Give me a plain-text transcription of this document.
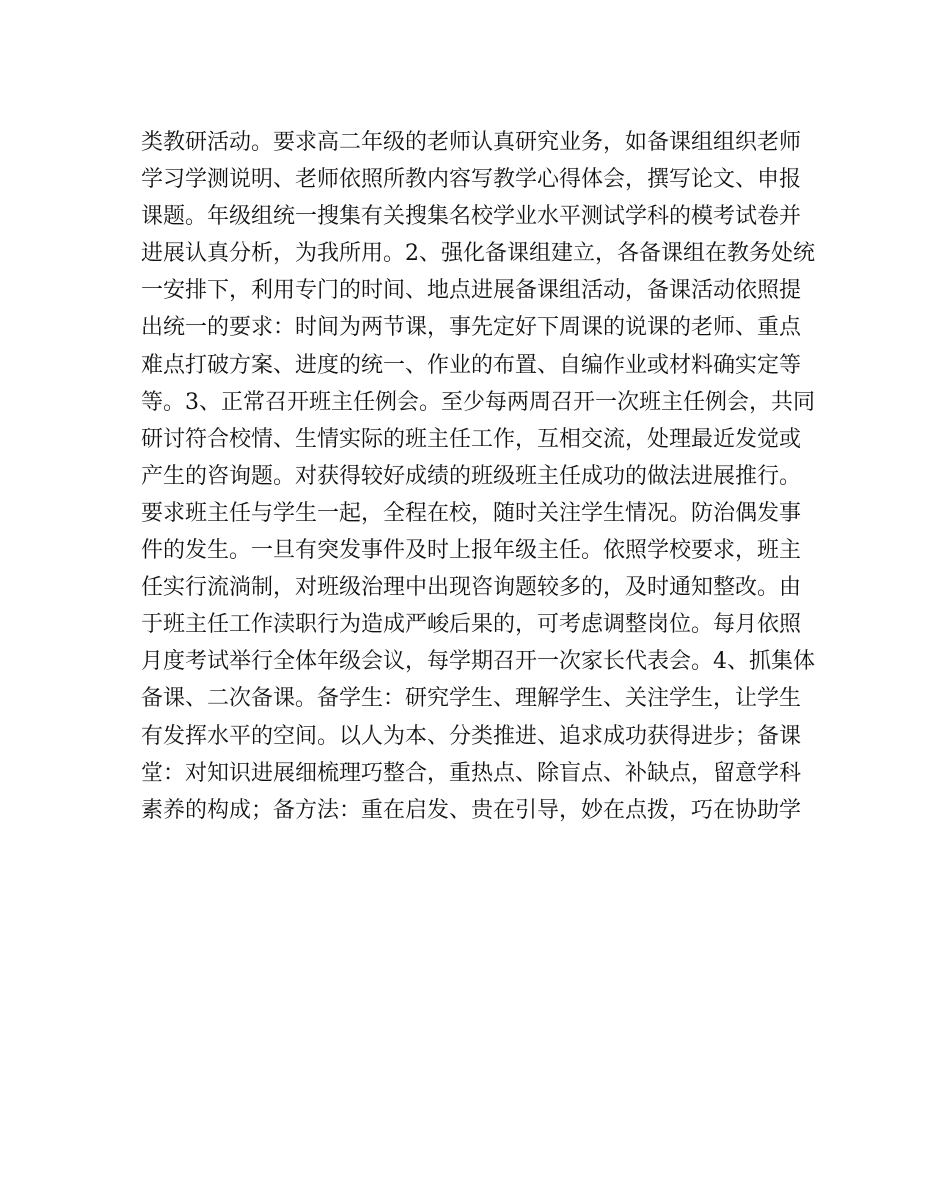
类教研活动。要求高二年级的老师认真研究业务，如备课组组织老师
学习学测说明、老师依照所教内容写教学心得体会，撰写论文、申报
课题。年级组统一搜集有关搜集名校学业水平测试学科的模考试卷并
进展认真分析，为我所用。2、强化备课组建立，各备课组在教务处统
一安排下，利用专门的时间、地点进展备课组活动，备课活动依照提
出统一的要求：时间为两节课，事先定好下周课的说课的老师、重点
难点打破方案、进度的统一、作业的布置、自编作业或材料确实定等
等。3、正常召开班主任例会。至少每两周召开一次班主任例会，共同
研讨符合校情、生情实际的班主任工作，互相交流，处理最近发觉或
产生的咨询题。对获得较好成绩的班级班主任成功的做法进展推行。
要求班主任与学生一起，全程在校，随时关注学生情况。防治偶发事
件的发生。一旦有突发事件及时上报年级主任。依照学校要求，班主
任实行流淌制，对班级治理中出现咨询题较多的，及时通知整改。由
于班主任工作渎职行为造成严峻后果的，可考虑调整岗位。每月依照
月度考试举行全体年级会议，每学期召开一次家长代表会。4、抓集体
备课、二次备课。备学生：研究学生、理解学生、关注学生，让学生
有发挥水平的空间。以人为本、分类推进、追求成功获得进步；备课
堂：对知识进展细梳理巧整合，重热点、除盲点、补缺点，留意学科
素养的构成；备方法：重在启发、贵在引导，妙在点拨，巧在协助学
